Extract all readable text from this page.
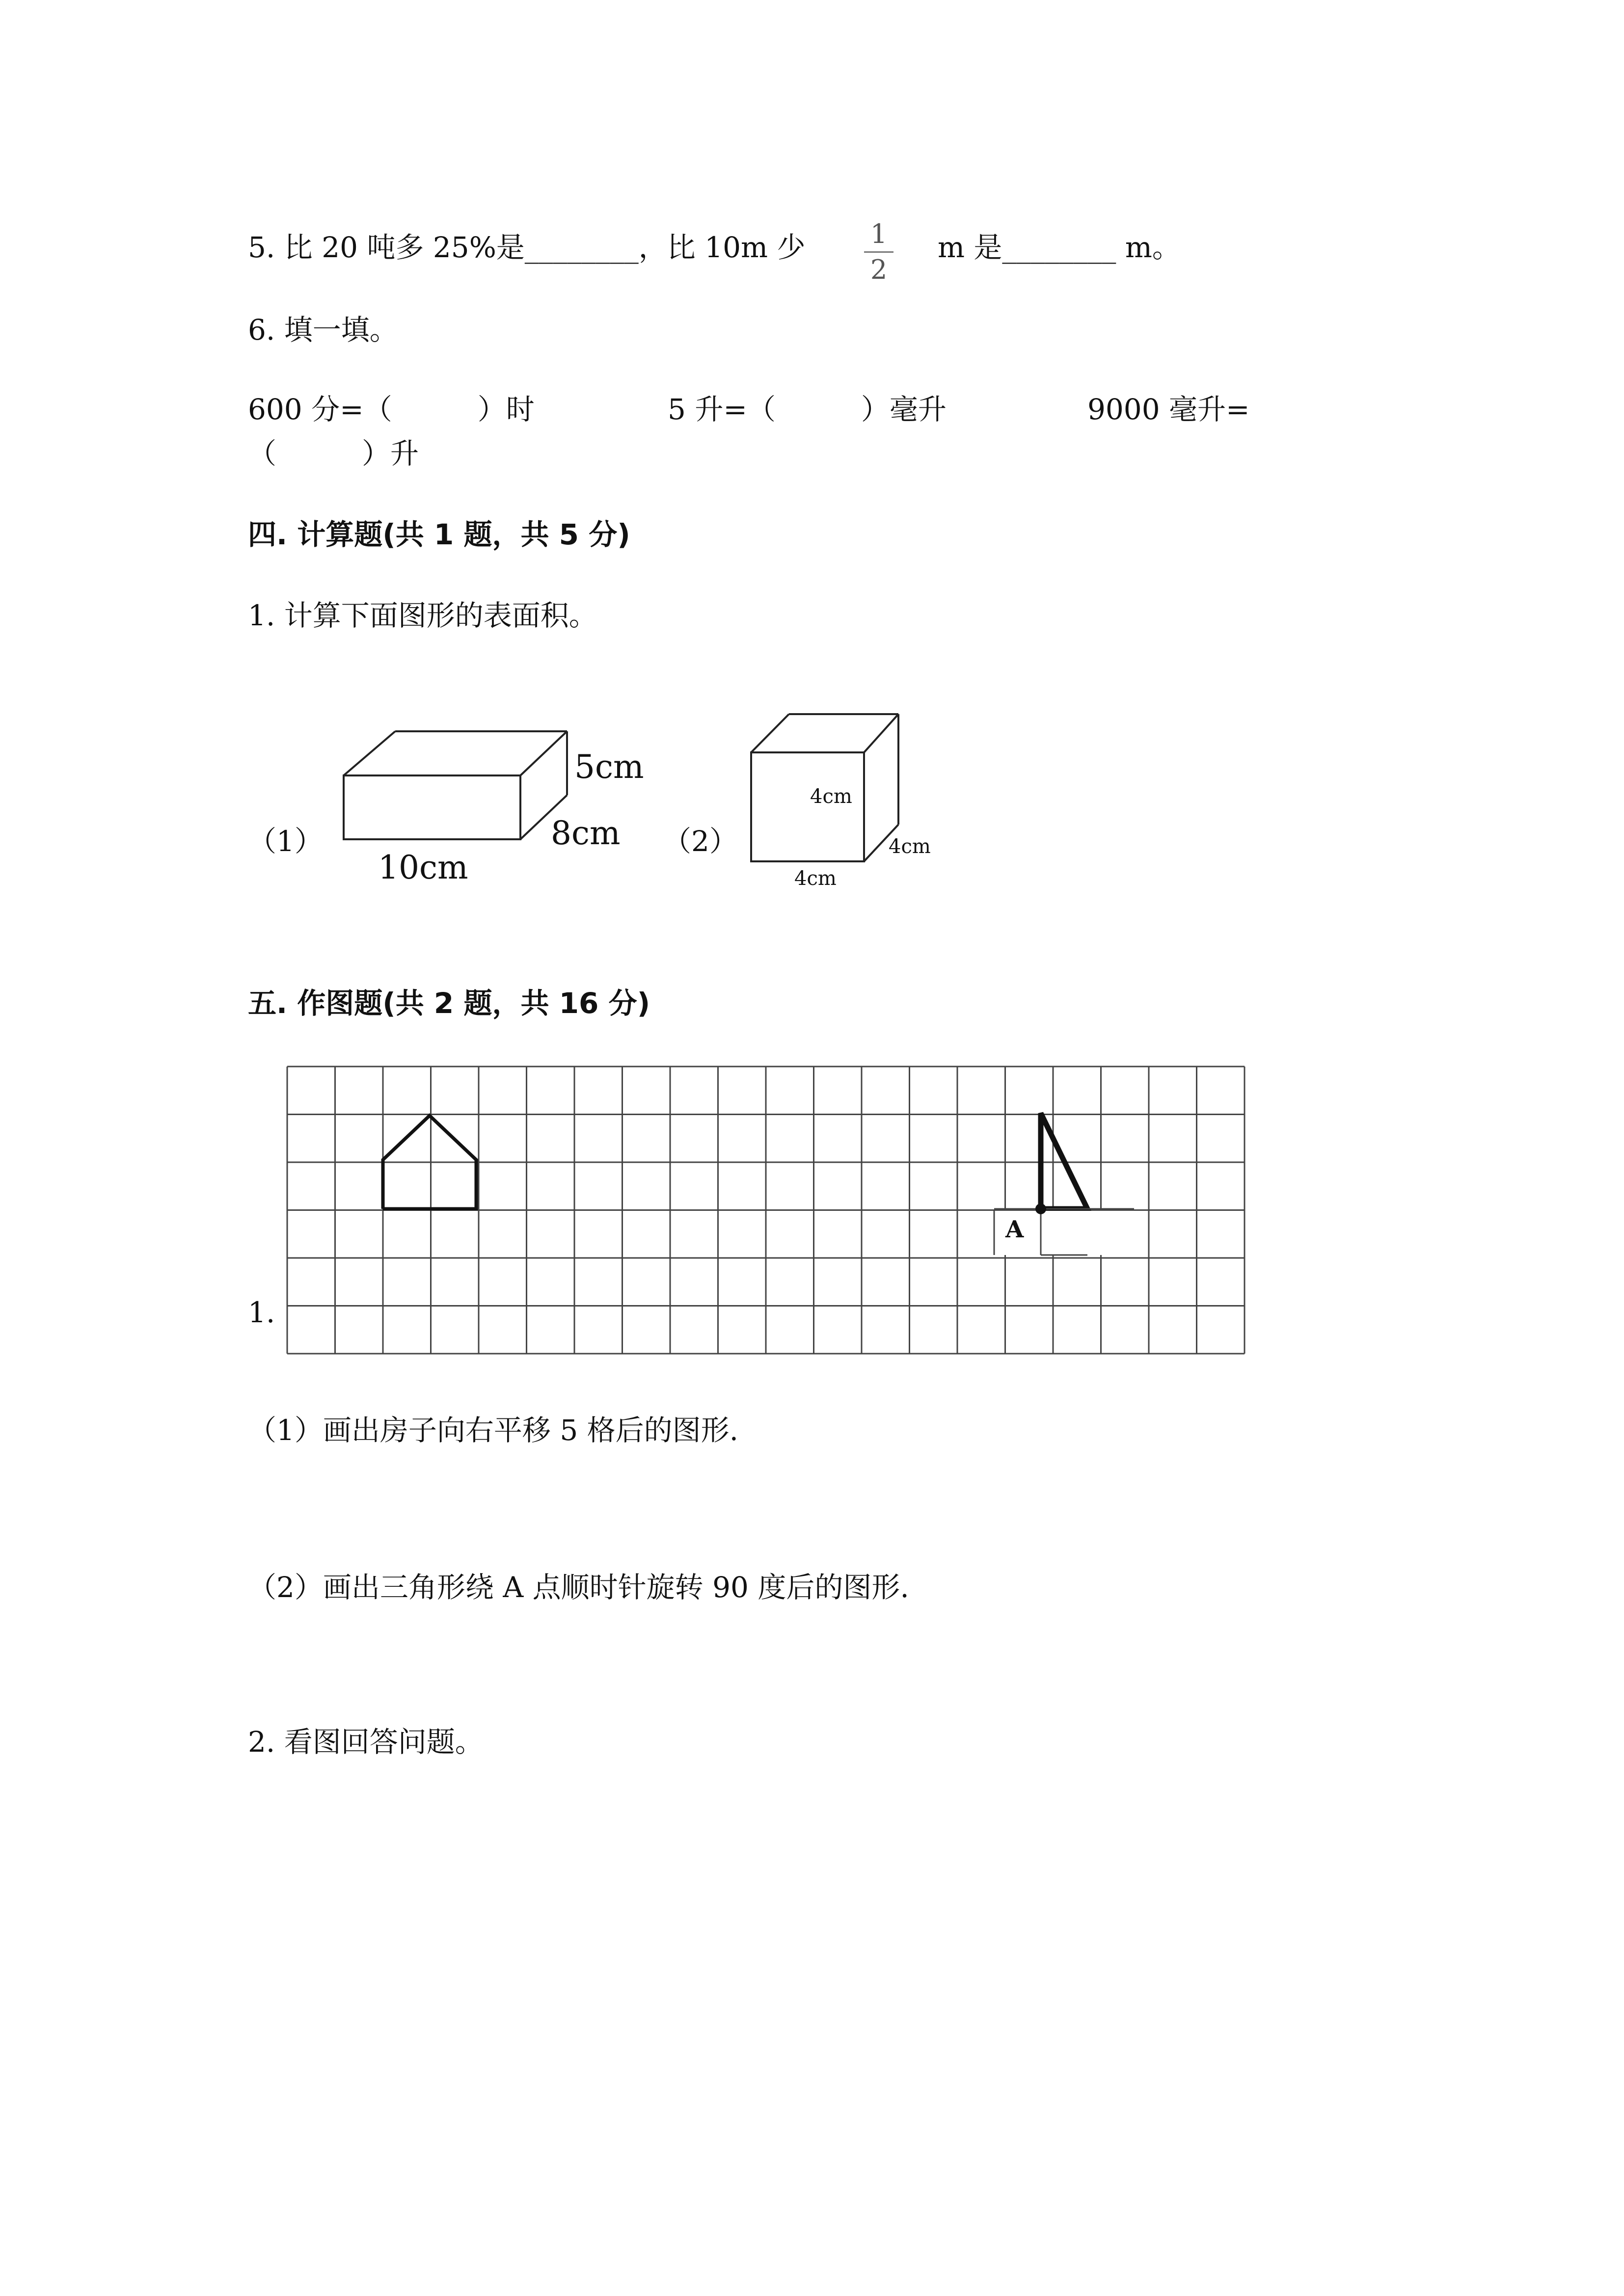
5. 比 20 吨多 25%是________，比 10m 少 1
2
m 是________ m。
6. 填一填。
600 分=（　　　）时	5 升=（　　　）毫升	9000 毫升=
（　　　）升
四. 计算题(共 1 题，共 5 分)
1. 计算下面图形的表面积。
（1）
5cm
8cm
10cm
（2）
4cm
4cm
4cm
五. 作图题(共 2 题，共 16 分)
1.
A
（1）画出房子向右平移 5 格后的图形.
（2）画出三角形绕 A 点顺时针旋转 90 度后的图形.
2. 看图回答问题。
